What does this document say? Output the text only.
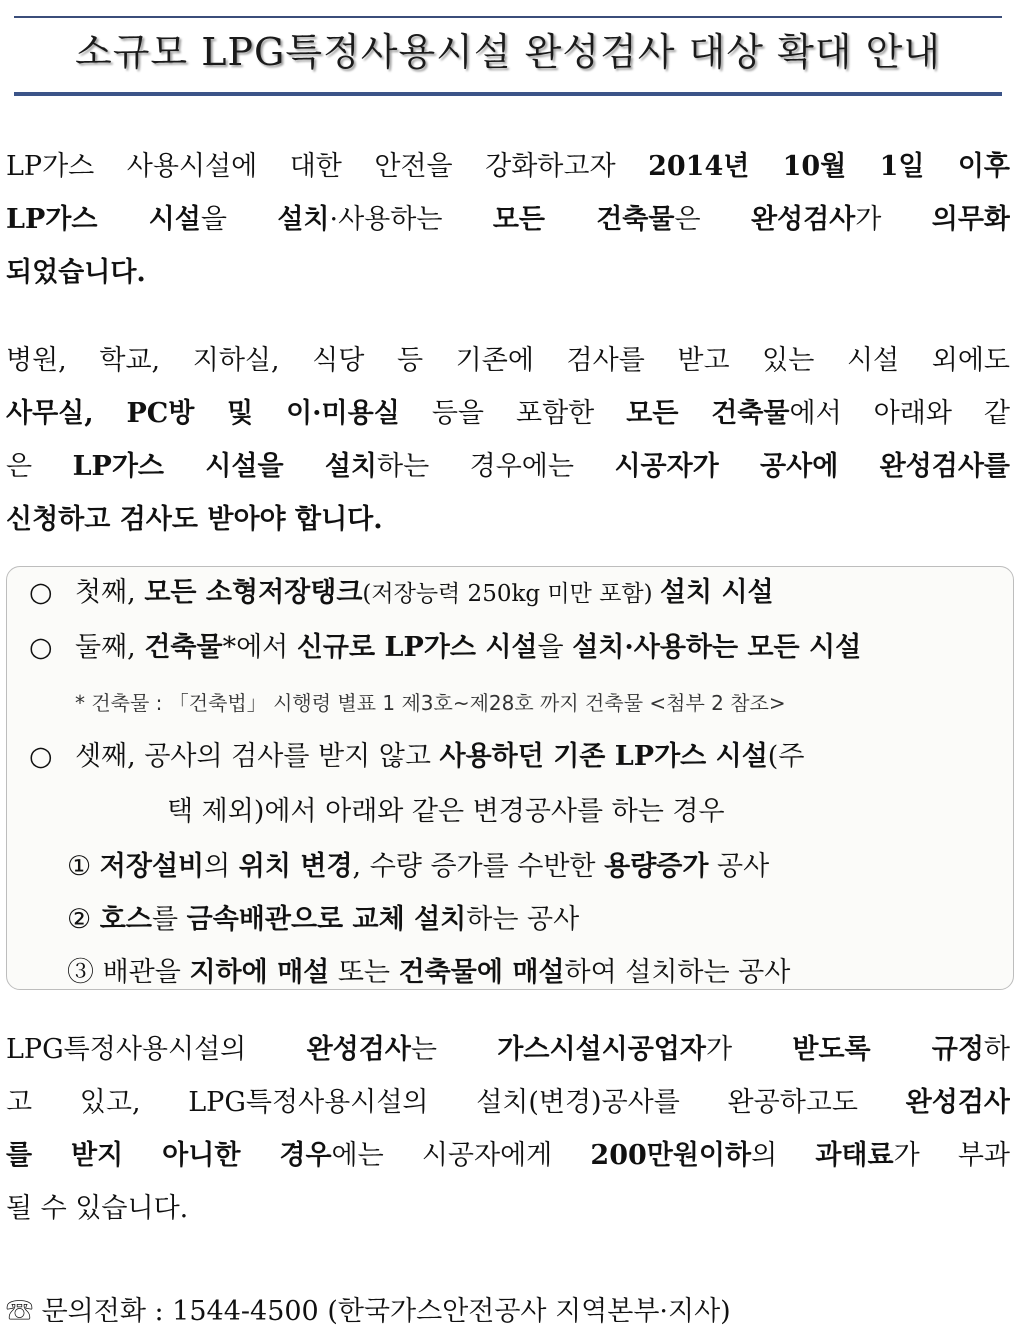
소규모 LPG특정사용시설 완성검사 대상 확대 안내
LP가스 사용시설에 대한 안전을 강화하고자 2014년 10월 1일 이후
LP가스 시설을 설치·사용하는 모든 건축물은 완성검사가 의무화
되었습니다.
병원, 학교, 지하실, 식당 등 기존에 검사를 받고 있는 시설 외에도
사무실, PC방 및 이·미용실 등을 포함한 모든 건축물에서 아래와 같
은 LP가스 시설을 설치하는 경우에는 시공자가 공사에 완성검사를
신청하고 검사도 받아야 합니다.
○ 첫째, 모든 소형저장탱크(저장능력 250kg 미만 포함) 설치 시설
○ 둘째, 건축물*에서 신규로 LP가스 시설을 설치·사용하는 모든 시설
* 건축물 : 「건축법」 시행령 별표 1 제3호~제28호 까지 건축물 <첨부 2 참조>
○ 셋째, 공사의 검사를 받지 않고 사용하던 기존 LP가스 시설(주
택 제외)에서 아래와 같은 변경공사를 하는 경우
① 저장설비의 위치 변경, 수량 증가를 수반한 용량증가 공사
② 호스를 금속배관으로 교체 설치하는 공사
③ 배관을 지하에 매설 또는 건축물에 매설하여 설치하는 공사
LPG특정사용시설의 완성검사는 가스시설시공업자가 받도록 규정하
고 있고, LPG특정사용시설의 설치(변경)공사를 완공하고도 완성검사
를 받지 아니한 경우에는 시공자에게 200만원이하의 과태료가 부과
될 수 있습니다.
☏ 문의전화 : 1544-4500 (한국가스안전공사 지역본부·지사)
